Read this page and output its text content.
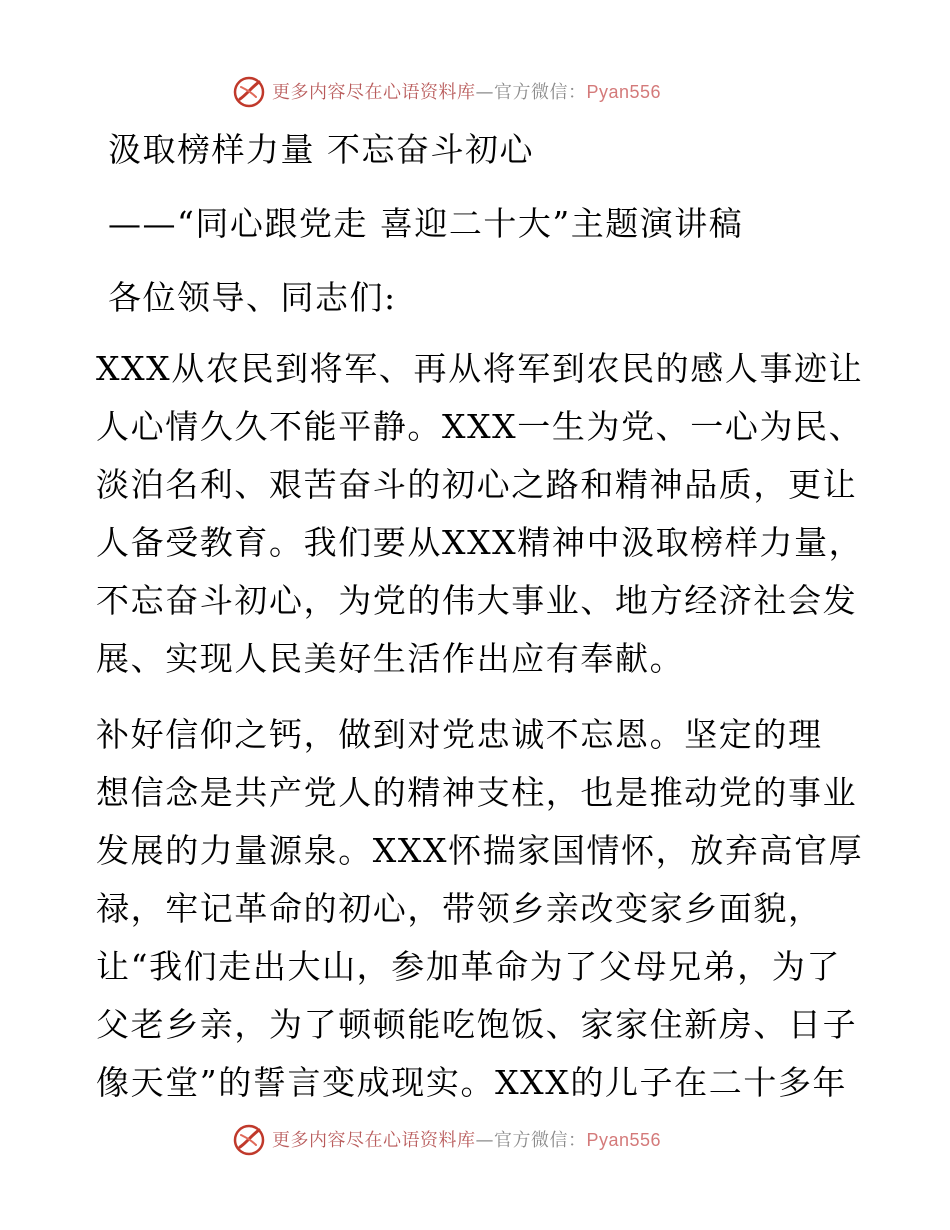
更多内容尽在心语资料库—官方微信：Pyan556
汲取榜样力量 不忘奋斗初心
——“同心跟党走 喜迎二十大”主题演讲稿
各位领导、同志们:
XXX从农民到将军、再从将军到农民的感人事迹让
人心情久久不能平静。XXX一生为党、一心为民、
淡泊名利、艰苦奋斗的初心之路和精神品质，更让
人备受教育。我们要从XXX精神中汲取榜样力量，
不忘奋斗初心，为党的伟大事业、地方经济社会发
展、实现人民美好生活作出应有奉献。
补好信仰之钙，做到对党忠诚不忘恩。坚定的理
想信念是共产党人的精神支柱，也是推动党的事业
发展的力量源泉。XXX怀揣家国情怀，放弃高官厚
禄，牢记革命的初心，带领乡亲改变家乡面貌，
让“我们走出大山，参加革命为了父母兄弟，为了
父老乡亲，为了顿顿能吃饱饭、家家住新房、日子
像天堂”的誓言变成现实。XXX的儿子在二十多年
更多内容尽在心语资料库—官方微信：Pyan556
